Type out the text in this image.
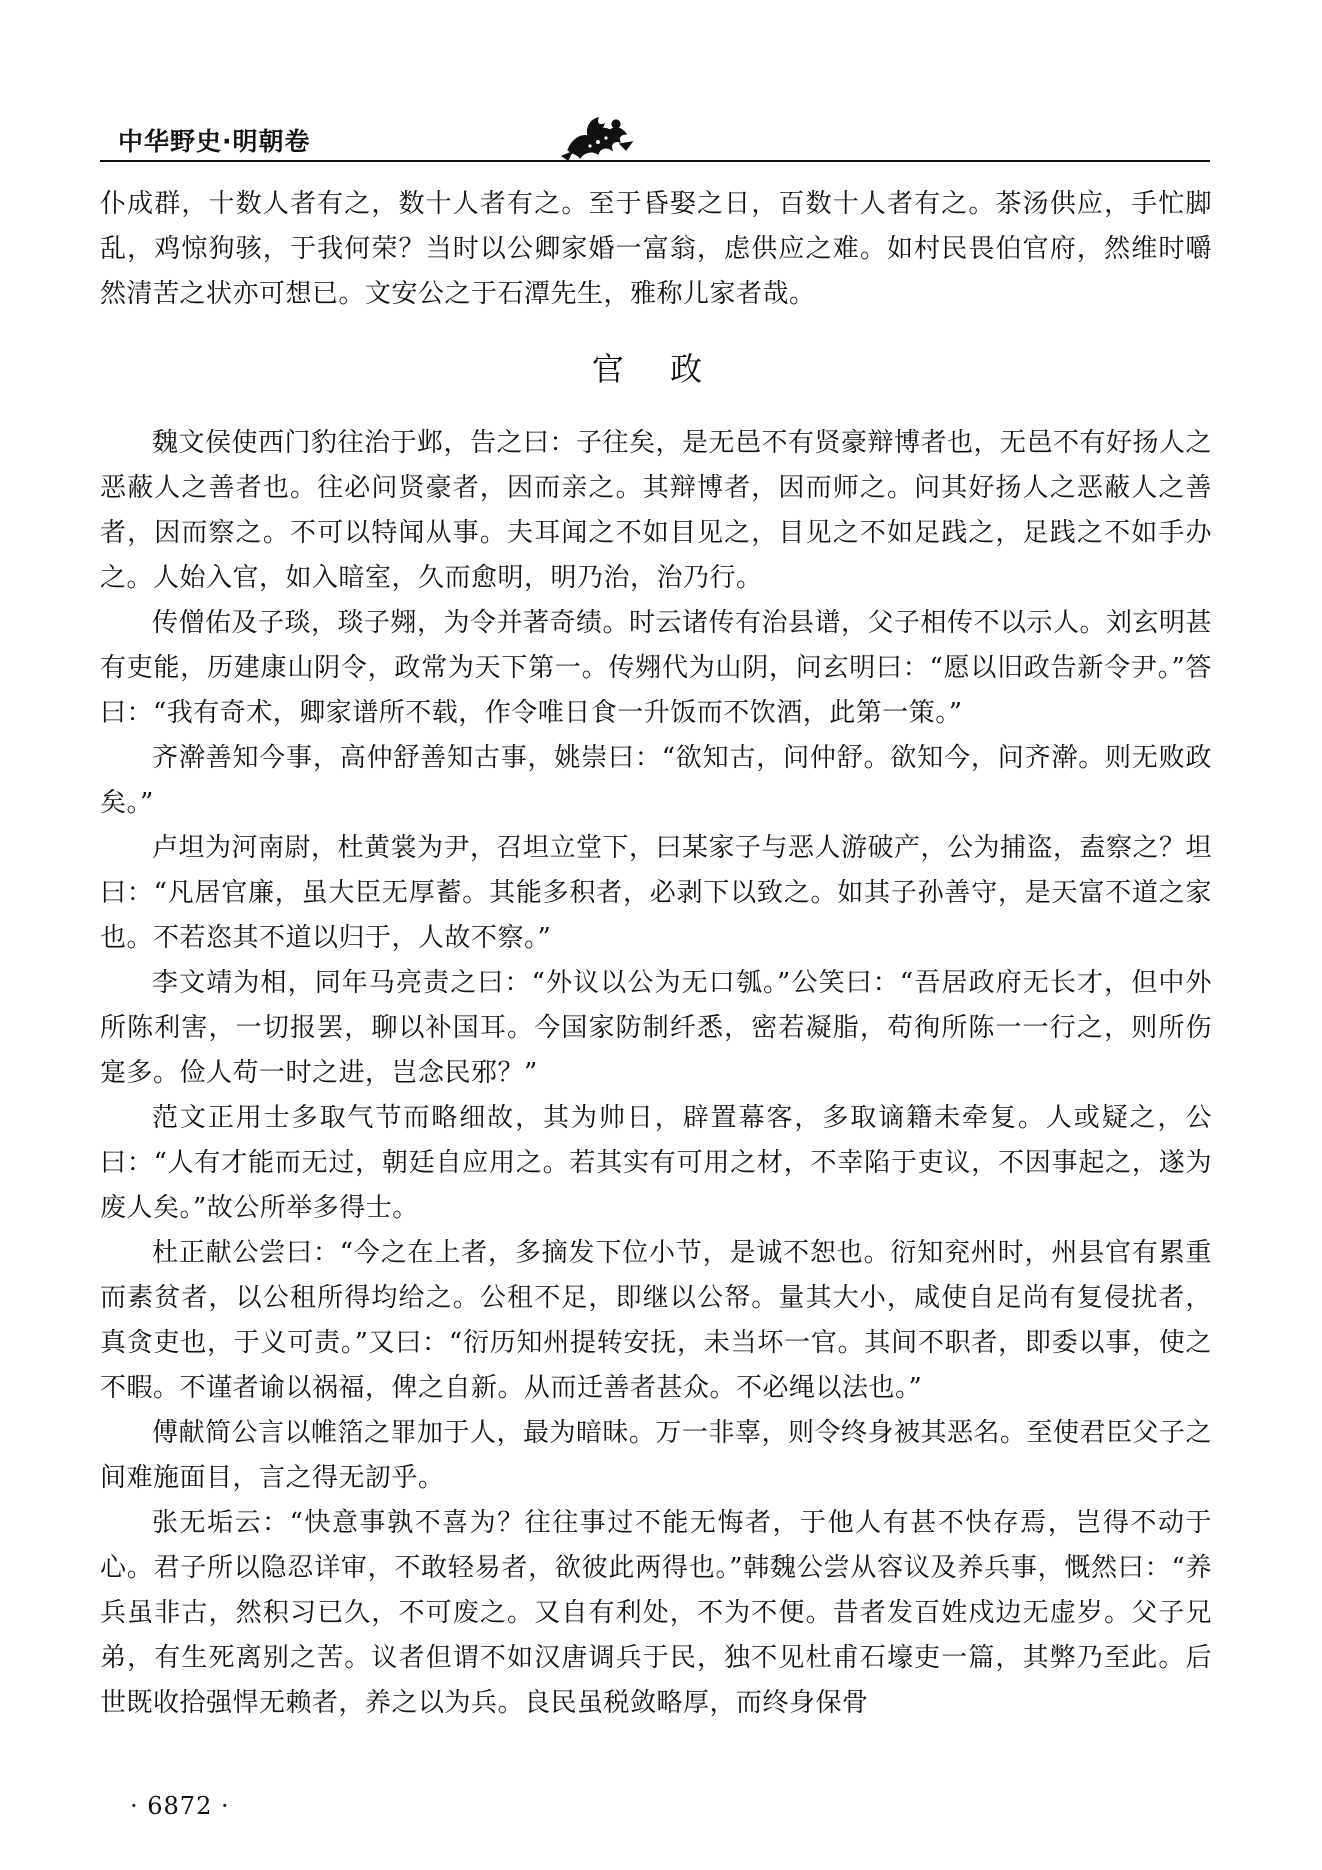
中华野史·明朝卷

仆成群，十数人者有之，数十人者有之。至于昏娶之日，百数十人者有之。茶汤供应，手忙脚乱，鸡惊狗骇，于我何荣？当时以公卿家婚一富翁，虑供应之难。如村民畏伯官府，然维时嚼然清苦之状亦可想已。文安公之于石潭先生，雅称儿家者哉。

官 政

魏文侯使西门豹往治于邺，告之曰：子往矣，是无邑不有贤豪辩博者也，无邑不有好扬人之恶蔽人之善者也。往必问贤豪者，因而亲之。其辩博者，因而师之。问其好扬人之恶蔽人之善者，因而察之。不可以特闻从事。夫耳闻之不如目见之，目见之不如足践之，足践之不如手办之。人始入官，如入暗室，久而愈明，明乃治，治乃行。

传僧佑及子琰，琰子翙，为令并著奇绩。时云诸传有治县谱，父子相传不以示人。刘玄明甚有吏能，历建康山阴令，政常为天下第一。传翙代为山阴，问玄明曰：“愿以旧政告新令尹。”答曰：“我有奇术，卿家谱所不载，作令唯日食一升饭而不饮酒，此第一策。”

齐澣善知今事，高仲舒善知古事，姚崇曰：“欲知古，问仲舒。欲知今，问齐澣。则无败政矣。”

卢坦为河南尉，杜黄裳为尹，召坦立堂下，曰某家子与恶人游破产，公为捕盗，盍察之？坦曰：“凡居官廉，虽大臣无厚蓄。其能多积者，必剥下以致之。如其子孙善守，是天富不道之家也。不若恣其不道以归于，人故不察。”

李文靖为相，同年马亮责之曰：“外议以公为无口瓠。”公笑曰：“吾居政府无长才，但中外所陈利害，一切报罢，聊以补国耳。今国家防制纤悉，密若凝脂，苟徇所陈一一行之，则所伤寔多。俭人苟一时之进，岂念民邪？”

范文正用士多取气节而略细故，其为帅日，辟置幕客，多取谪籍未牵复。人或疑之，公曰：“人有才能而无过，朝廷自应用之。若其实有可用之材，不幸陷于吏议，不因事起之，遂为废人矣。”故公所举多得士。

杜正献公尝曰：“今之在上者，多摘发下位小节，是诚不恕也。衍知兖州时，州县官有累重而素贫者，以公租所得均给之。公租不足，即继以公帑。量其大小，咸使自足尚有复侵扰者，真贪吏也，于义可责。”又曰：“衍历知州提转安抚，未当坏一官。其间不职者，即委以事，使之不暇。不谨者谕以祸福，俾之自新。从而迁善者甚众。不必绳以法也。”

傅献简公言以帷箔之罪加于人，最为暗昧。万一非辜，则令终身被其恶名。至使君臣父子之间难施面目，言之得无訒乎。

张无垢云：“快意事孰不喜为？往往事过不能无悔者，于他人有甚不快存焉，岂得不动于心。君子所以隐忍详审，不敢轻易者，欲彼此两得也。”韩魏公尝从容议及养兵事，慨然曰：“养兵虽非古，然积习已久，不可废之。又自有利处，不为不便。昔者发百姓戍边无虚岁。父子兄弟，有生死离别之苦。议者但谓不如汉唐调兵于民，独不见杜甫石壕吏一篇，其弊乃至此。后世既收拾强悍无赖者，养之以为兵。良民虽税敛略厚，而终身保骨

· 6872 ·
